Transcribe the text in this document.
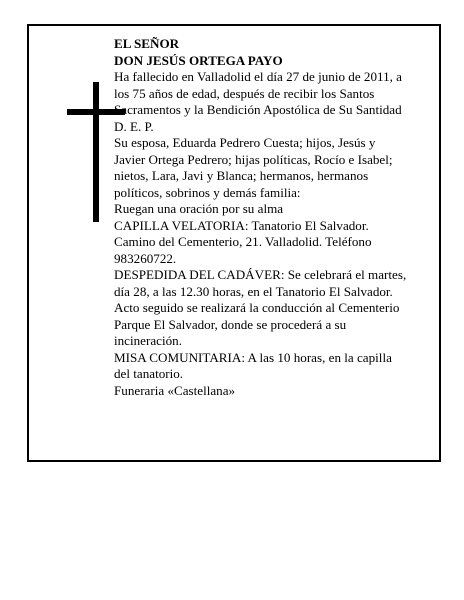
EL SEÑOR
DON JESÚS ORTEGA PAYO
Ha fallecido en Valladolid el día 27 de junio de 2011, a
los 75 años de edad, después de recibir los Santos
Sacramentos y la Bendición Apostólica de Su Santidad
D. E. P.
Su esposa, Eduarda Pedrero Cuesta; hijos, Jesús y
Javier Ortega Pedrero; hijas políticas, Rocío e Isabel;
nietos, Lara, Javi y Blanca; hermanos, hermanos
políticos, sobrinos y demás familia:
Ruegan una oración por su alma
CAPILLA VELATORIA: Tanatorio El Salvador.
Camino del Cementerio, 21. Valladolid. Teléfono
983260722.
DESPEDIDA DEL CADÁVER: Se celebrará el martes,
día 28, a las 12.30 horas, en el Tanatorio El Salvador.
Acto seguido se realizará la conducción al Cementerio
Parque El Salvador, donde se procederá a su
incineración.
MISA COMUNITARIA: A las 10 horas, en la capilla
del tanatorio.
Funeraria «Castellana»
